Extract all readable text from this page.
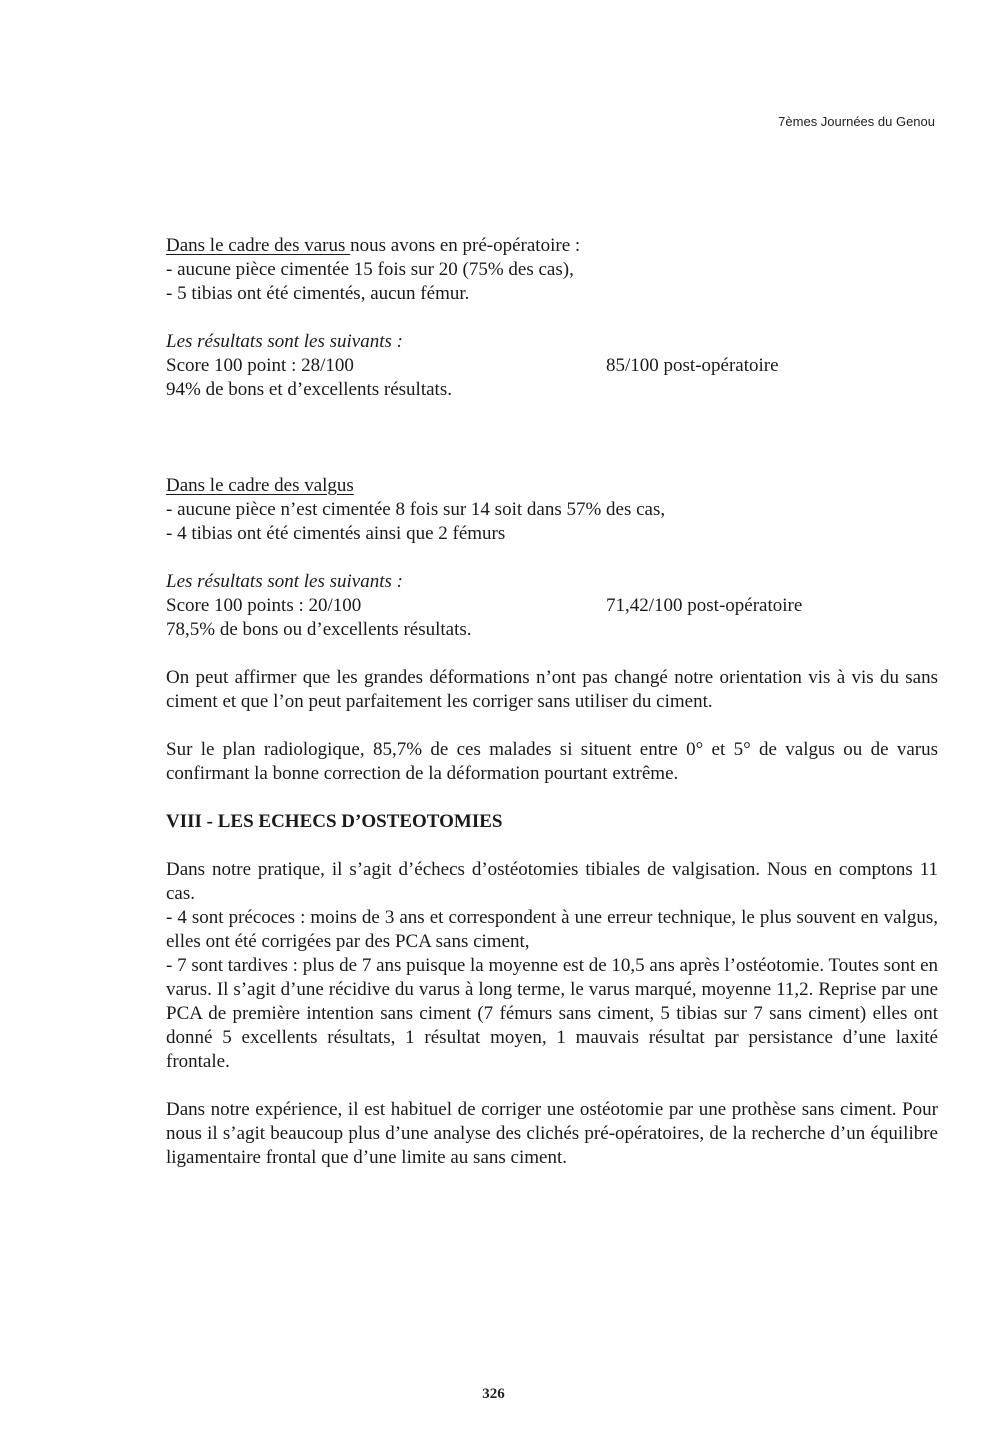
7èmes Journées du Genou

Dans le cadre des varus nous avons en pré-opératoire :

- aucune pièce cimentée 15 fois sur 20 (75% des cas),

- 5 tibias ont été cimentés, aucun fémur.

Les résultats sont les suivants :

Score 100 point : 28/100	85/100 post-opératoire

94% de bons et d’excellents résultats.

Dans le cadre des valgus

- aucune pièce n’est cimentée 8 fois sur 14 soit dans 57% des cas,

- 4 tibias ont été cimentés ainsi que 2 fémurs

Les résultats sont les suivants :

Score 100 points : 20/100	71,42/100 post-opératoire

78,5% de bons ou d’excellents résultats.

On peut affirmer que les grandes déformations n’ont pas changé notre orientation vis à vis du sans ciment et que l’on peut parfaitement les corriger sans utiliser du ciment.

Sur le plan radiologique, 85,7% de ces malades si situent entre 0° et 5° de valgus ou de varus confirmant la bonne correction de la déformation pourtant extrême.

VIII - LES ECHECS D’OSTEOTOMIES

Dans notre pratique, il s’agit d’échecs d’ostéotomies tibiales de valgisation. Nous en comptons 11 cas.

- 4 sont précoces : moins de 3 ans et correspondent à une erreur technique, le plus souvent en valgus, elles ont été corrigées par des PCA sans ciment,

- 7 sont tardives : plus de 7 ans puisque la moyenne est de 10,5 ans après l’ostéotomie. Toutes sont en varus. Il s’agit d’une récidive du varus à long terme, le varus marqué, moyenne 11,2. Reprise par une PCA de première intention sans ciment (7 fémurs sans ciment, 5 tibias sur 7 sans ciment) elles ont donné 5 excellents résultats, 1 résultat moyen, 1 mauvais résultat par persistance d’une laxité frontale.

Dans notre expérience, il est habituel de corriger une ostéotomie par une prothèse sans ciment. Pour nous il s’agit beaucoup plus d’une analyse des clichés pré-opératoires, de la recherche d’un équilibre ligamentaire frontal que d’une limite au sans ciment.

326
